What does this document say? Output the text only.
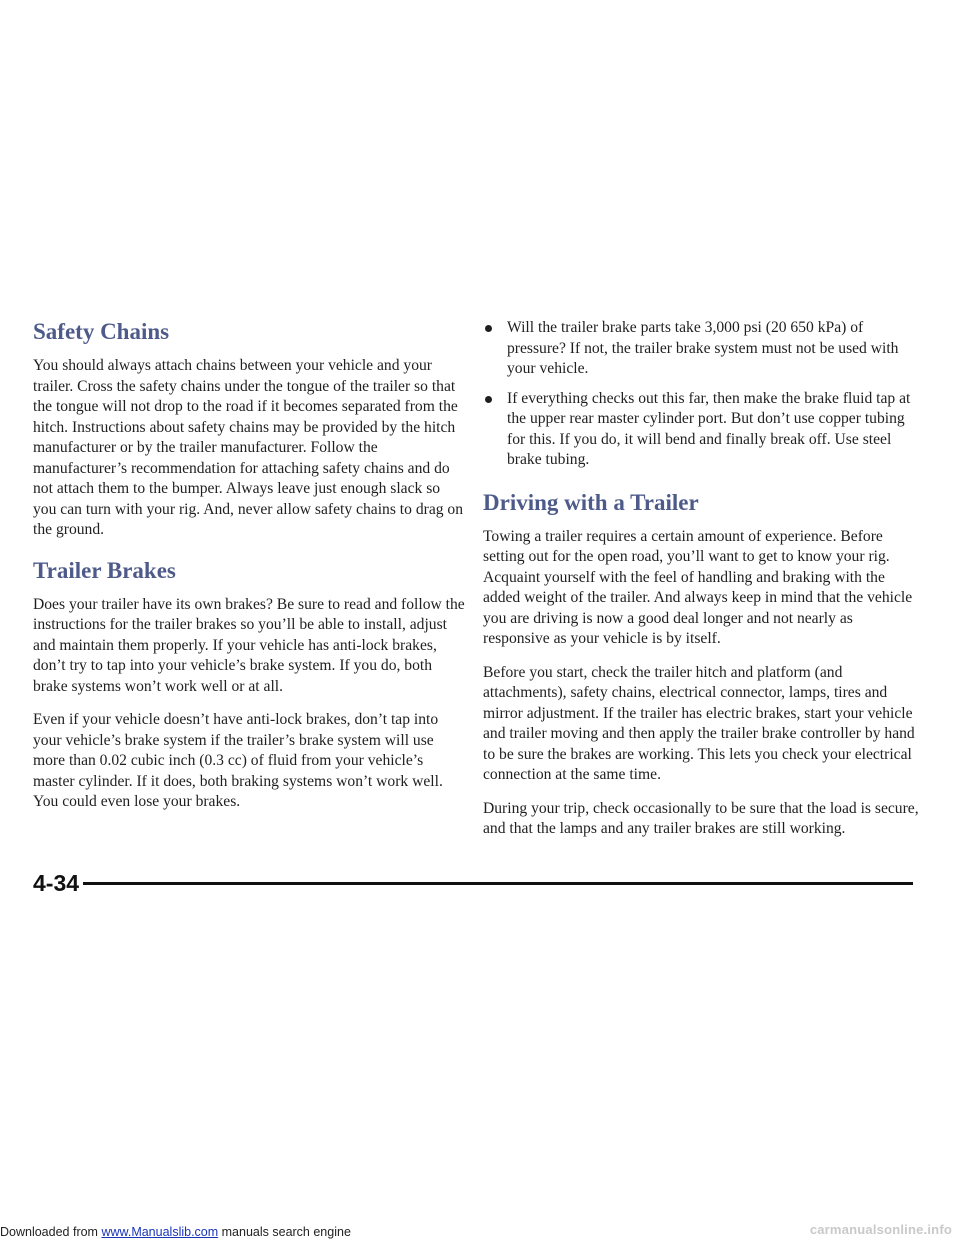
Safety Chains

You should always attach chains between your vehicle and your trailer. Cross the safety chains under the tongue of the trailer so that the tongue will not drop to the road if it becomes separated from the hitch. Instructions about safety chains may be provided by the hitch manufacturer or by the trailer manufacturer. Follow the manufacturer’s recommendation for attaching safety chains and do not attach them to the bumper. Always leave just enough slack so you can turn with your rig. And, never allow safety chains to drag on the ground.

Trailer Brakes

Does your trailer have its own brakes? Be sure to read and follow the instructions for the trailer brakes so you’ll be able to install, adjust and maintain them properly. If your vehicle has anti-lock brakes, don’t try to tap into your vehicle’s brake system. If you do, both brake systems won’t work well or at all.

Even if your vehicle doesn’t have anti-lock brakes, don’t tap into your vehicle’s brake system if the trailer’s brake system will use more than 0.02 cubic inch (0.3 cc) of fluid from your vehicle’s master cylinder. If it does, both braking systems won’t work well. You could even lose your brakes.

Will the trailer brake parts take 3,000 psi (20 650 kPa) of pressure? If not, the trailer brake system must not be used with your vehicle.
If everything checks out this far, then make the brake fluid tap at the upper rear master cylinder port. But don’t use copper tubing for this. If you do, it will bend and finally break off. Use steel brake tubing.
Driving with a Trailer

Towing a trailer requires a certain amount of experience. Before setting out for the open road, you’ll want to get to know your rig. Acquaint yourself with the feel of handling and braking with the added weight of the trailer. And always keep in mind that the vehicle you are driving is now a good deal longer and not nearly as responsive as your vehicle is by itself.

Before you start, check the trailer hitch and platform (and attachments), safety chains, electrical connector, lamps, tires and mirror adjustment. If the trailer has electric brakes, start your vehicle and trailer moving and then apply the trailer brake controller by hand to be sure the brakes are working. This lets you check your electrical connection at the same time.

During your trip, check occasionally to be sure that the load is secure, and that the lamps and any trailer brakes are still working.

4-34
Downloaded from www.Manualslib.com manuals search engine	carmanualsonline.info
